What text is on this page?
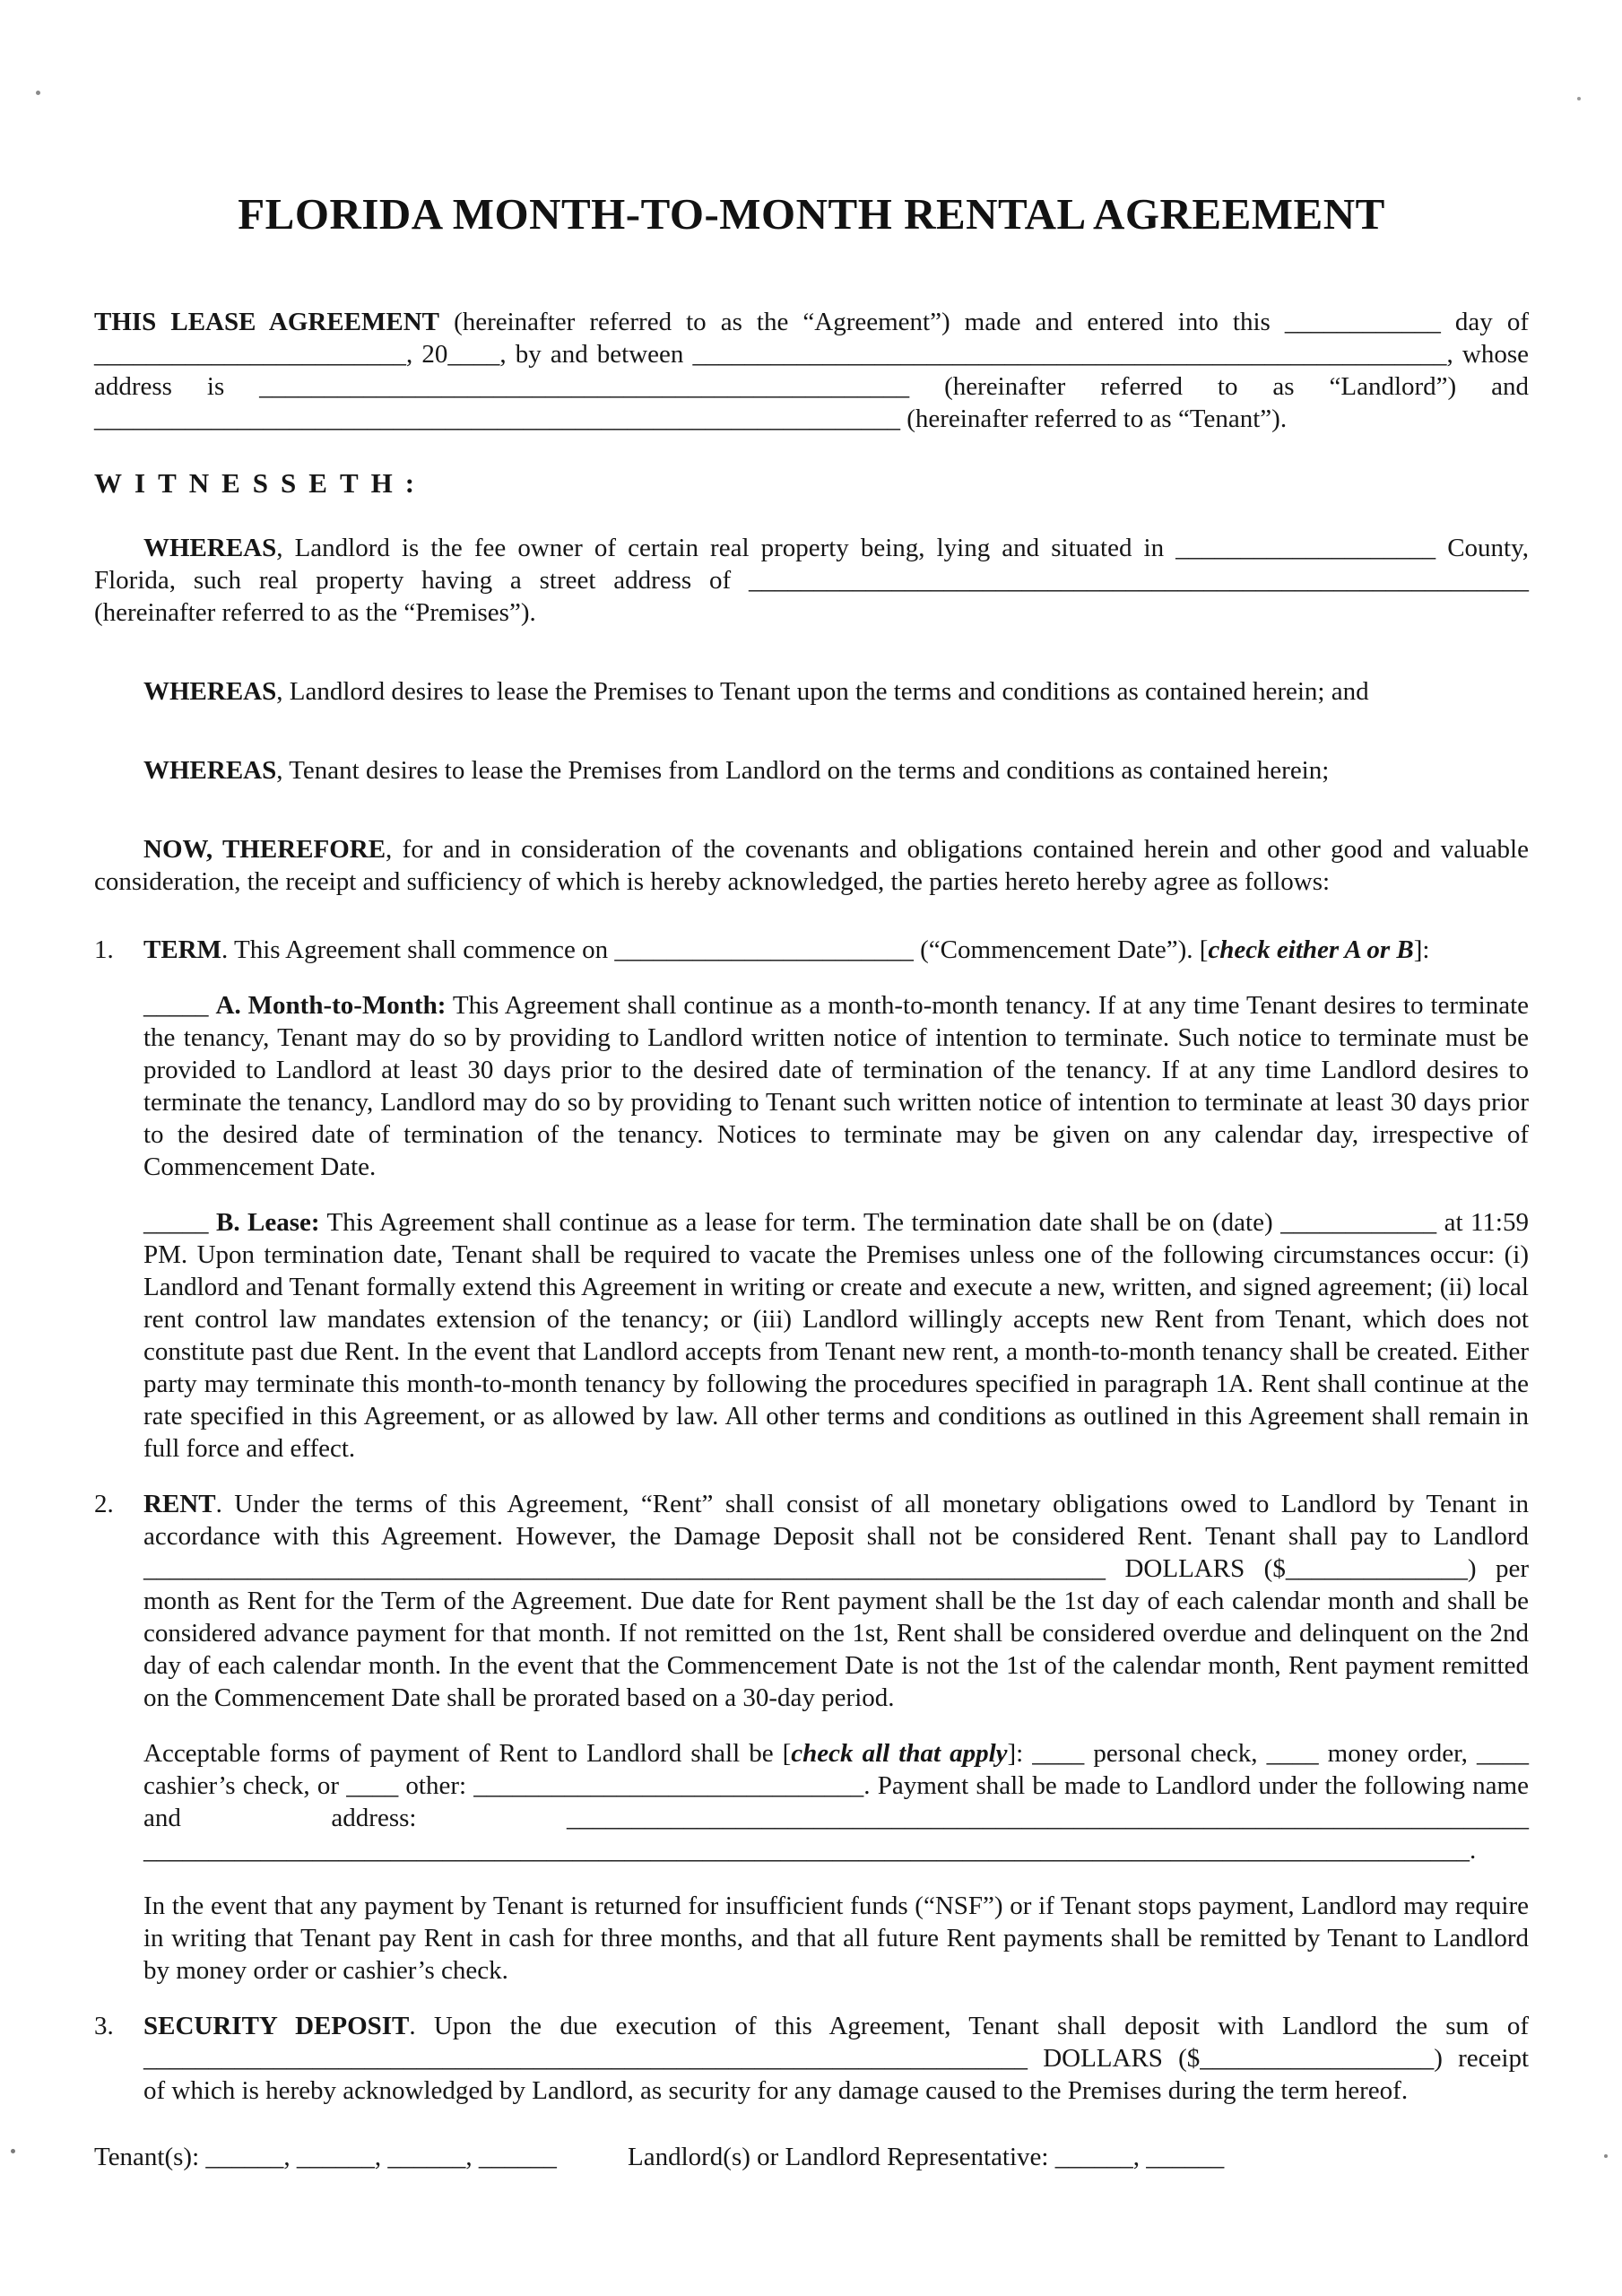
FLORIDA MONTH-TO-MONTH RENTAL AGREEMENT
THIS LEASE AGREEMENT (hereinafter referred to as the “Agreement”) made and entered into this ____________ day of ________________________, 20____, by and between __________________________________________________________, whose address is __________________________________________________ (hereinafter referred to as “Landlord”) and ______________________________________________________________ (hereinafter referred to as “Tenant”).
WITNESSETH:
WHEREAS, Landlord is the fee owner of certain real property being, lying and situated in ____________________ County, Florida, such real property having a street address of ____________________________________________________________ (hereinafter referred to as the “Premises”).
WHEREAS, Landlord desires to lease the Premises to Tenant upon the terms and conditions as contained herein; and
WHEREAS, Tenant desires to lease the Premises from Landlord on the terms and conditions as contained herein;
NOW, THEREFORE, for and in consideration of the covenants and obligations contained herein and other good and valuable consideration, the receipt and sufficiency of which is hereby acknowledged, the parties hereto hereby agree as follows:
1. TERM. This Agreement shall commence on _______________________ (“Commencement Date”). [check either A or B]:
_____ A. Month-to-Month: This Agreement shall continue as a month-to-month tenancy. If at any time Tenant desires to terminate the tenancy, Tenant may do so by providing to Landlord written notice of intention to terminate. Such notice to terminate must be provided to Landlord at least 30 days prior to the desired date of termination of the tenancy. If at any time Landlord desires to terminate the tenancy, Landlord may do so by providing to Tenant such written notice of intention to terminate at least 30 days prior to the desired date of termination of the tenancy. Notices to terminate may be given on any calendar day, irrespective of Commencement Date.
_____ B. Lease: This Agreement shall continue as a lease for term. The termination date shall be on (date) ____________ at 11:59 PM. Upon termination date, Tenant shall be required to vacate the Premises unless one of the following circumstances occur: (i) Landlord and Tenant formally extend this Agreement in writing or create and execute a new, written, and signed agreement; (ii) local rent control law mandates extension of the tenancy; or (iii) Landlord willingly accepts new Rent from Tenant, which does not constitute past due Rent. In the event that Landlord accepts from Tenant new rent, a month-to-month tenancy shall be created. Either party may terminate this month-to-month tenancy by following the procedures specified in paragraph 1A. Rent shall continue at the rate specified in this Agreement, or as allowed by law. All other terms and conditions as outlined in this Agreement shall remain in full force and effect.
2. RENT. Under the terms of this Agreement, “Rent” shall consist of all monetary obligations owed to Landlord by Tenant in accordance with this Agreement. However, the Damage Deposit shall not be considered Rent. Tenant shall pay to Landlord __________________________________________________________________________ DOLLARS ($______________) per month as Rent for the Term of the Agreement. Due date for Rent payment shall be the 1st day of each calendar month and shall be considered advance payment for that month. If not remitted on the 1st, Rent shall be considered overdue and delinquent on the 2nd day of each calendar month. In the event that the Commencement Date is not the 1st of the calendar month, Rent payment remitted on the Commencement Date shall be prorated based on a 30-day period.
Acceptable forms of payment of Rent to Landlord shall be [check all that apply]: ____ personal check, ____ money order, ____ cashier’s check, or ____ other: ______________________________. Payment shall be made to Landlord under the following name and address: __________________________________________________________________________ ______________________________________________________________________________________________________.
In the event that any payment by Tenant is returned for insufficient funds (“NSF”) or if Tenant stops payment, Landlord may require in writing that Tenant pay Rent in cash for three months, and that all future Rent payments shall be remitted by Tenant to Landlord by money order or cashier’s check.
3. SECURITY DEPOSIT. Upon the due execution of this Agreement, Tenant shall deposit with Landlord the sum of ____________________________________________________________________ DOLLARS ($__________________) receipt of which is hereby acknowledged by Landlord, as security for any damage caused to the Premises during the term hereof.
Tenant(s): ______, ______, ______, ______	Landlord(s) or Landlord Representative: ______, ______
